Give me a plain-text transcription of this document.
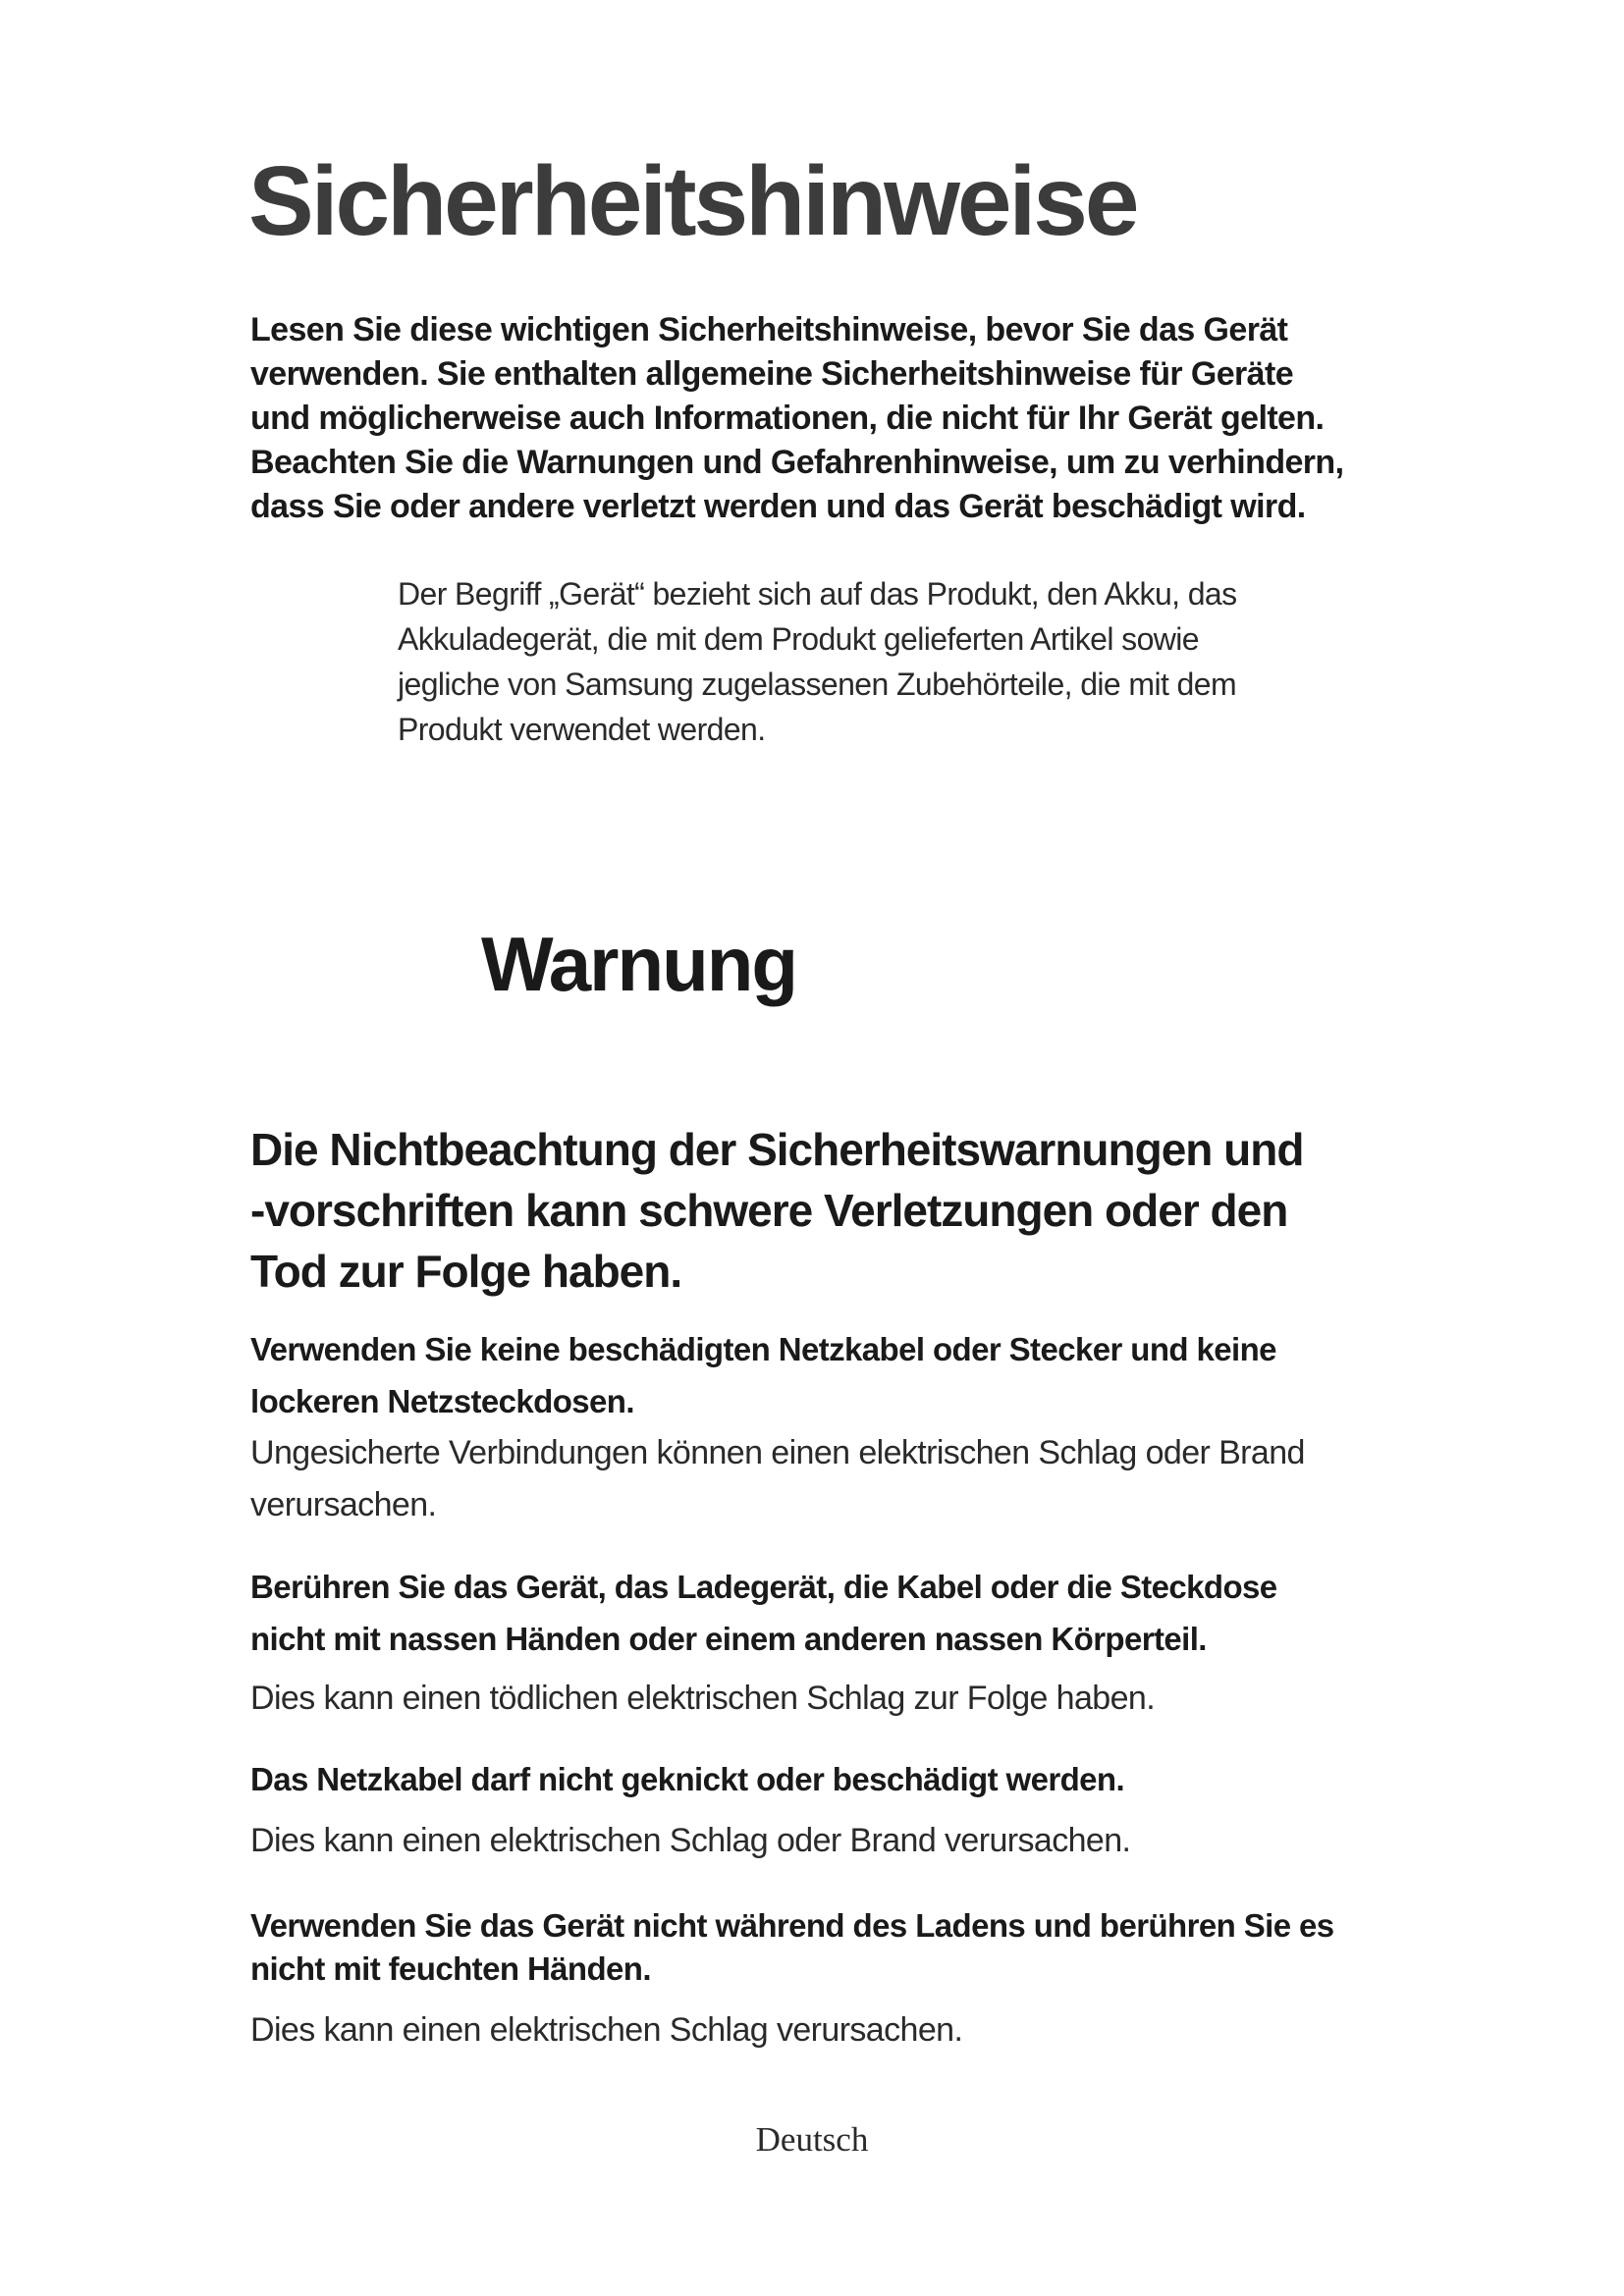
Sicherheitshinweise

Lesen Sie diese wichtigen Sicherheitshinweise, bevor Sie das Gerät
verwenden. Sie enthalten allgemeine Sicherheitshinweise für Geräte
und möglicherweise auch Informationen, die nicht für Ihr Gerät gelten.
Beachten Sie die Warnungen und Gefahrenhinweise, um zu verhindern,
dass Sie oder andere verletzt werden und das Gerät beschädigt wird.

Der Begriff „Gerät“ bezieht sich auf das Produkt, den Akku, das
Akkuladegerät, die mit dem Produkt gelieferten Artikel sowie
jegliche von Samsung zugelassenen Zubehörteile, die mit dem
Produkt verwendet werden.

Warnung
Die Nichtbeachtung der Sicherheitswarnungen und
-vorschriften kann schwere Verletzungen oder den
Tod zur Folge haben.

Verwenden Sie keine beschädigten Netzkabel oder Stecker und keine
lockeren Netzsteckdosen.

Ungesicherte Verbindungen können einen elektrischen Schlag oder Brand
verursachen.

Berühren Sie das Gerät, das Ladegerät, die Kabel oder die Steckdose
nicht mit nassen Händen oder einem anderen nassen Körperteil.

Dies kann einen tödlichen elektrischen Schlag zur Folge haben.

Das Netzkabel darf nicht geknickt oder beschädigt werden.

Dies kann einen elektrischen Schlag oder Brand verursachen.

Verwenden Sie das Gerät nicht während des Ladens und berühren Sie es
nicht mit feuchten Händen.

Dies kann einen elektrischen Schlag verursachen.

Deutsch
